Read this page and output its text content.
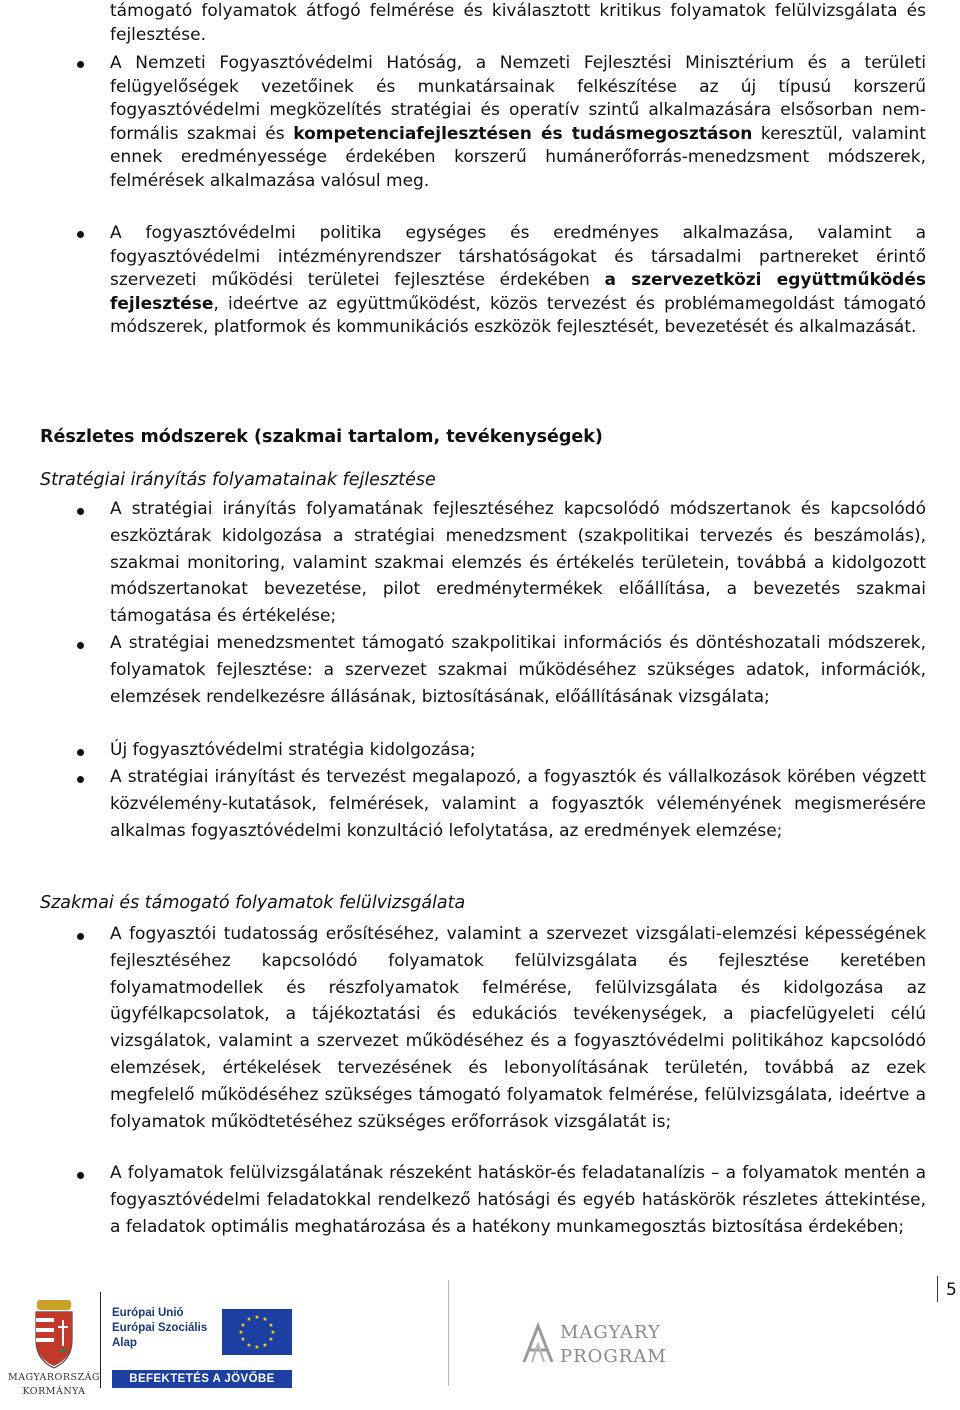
támogató folyamatok átfogó felmérése és kiválasztott kritikus folyamatok felülvizsgálata és fejlesztése.
A Nemzeti Fogyasztóvédelmi Hatóság, a Nemzeti Fejlesztési Minisztérium és a területi felügyelőségek vezetőinek és munkatársainak felkészítése az új típusú korszerű fogyasztóvédelmi megközelítés stratégiai és operatív szintű alkalmazására elsősorban nem-formális szakmai és kompetenciafejlesztésen és tudásmegosztáson keresztül, valamint ennek eredményessége érdekében korszerű humánerőforrás-menedzsment módszerek, felmérések alkalmazása valósul meg.
A fogyasztóvédelmi politika egységes és eredményes alkalmazása, valamint a fogyasztóvédelmi intézményrendszer társhatóságokat és társadalmi partnereket érintő szervezeti működési területei fejlesztése érdekében a szervezetközi együttműködés fejlesztése, ideértve az együttműködést, közös tervezést és problémamegoldást támogató módszerek, platformok és kommunikációs eszközök fejlesztését, bevezetését és alkalmazását.
Részletes módszerek (szakmai tartalom, tevékenységek)
Stratégiai irányítás folyamatainak fejlesztése
A stratégiai irányítás folyamatának fejlesztéséhez kapcsolódó módszertanok és kapcsolódó eszköztárak kidolgozása a stratégiai menedzsment (szakpolitikai tervezés és beszámolás), szakmai monitoring, valamint szakmai elemzés és értékelés területein, továbbá a kidolgozott módszertanokat bevezetése, pilot eredménytermékek előállítása, a bevezetés szakmai támogatása és értékelése;
A stratégiai menedzsmentet támogató szakpolitikai információs és döntéshozatali módszerek, folyamatok fejlesztése: a szervezet szakmai működéséhez szükséges adatok, információk, elemzések rendelkezésre állásának, biztosításának, előállításának vizsgálata;
Új fogyasztóvédelmi stratégia kidolgozása;
A stratégiai irányítást és tervezést megalapozó, a fogyasztók és vállalkozások körében végzett közvélemény-kutatások, felmérések, valamint a fogyasztók véleményének megismerésére alkalmas fogyasztóvédelmi konzultáció lefolytatása, az eredmények elemzése;
Szakmai és támogató folyamatok felülvizsgálata
A fogyasztói tudatosság erősítéséhez, valamint a szervezet vizsgálati-elemzési képességének fejlesztéséhez kapcsolódó folyamatok felülvizsgálata és fejlesztése keretében folyamatmodellek és részfolyamatok felmérése, felülvizsgálata és kidolgozása az ügyfélkapcsolatok, a tájékoztatási és edukációs tevékenységek, a piacfelügyeleti célú vizsgálatok, valamint a szervezet működéséhez és a fogyasztóvédelmi politikához kapcsolódó elemzések, értékelések tervezésének és lebonyolításának területén, továbbá az ezek megfelelő működéséhez szükséges támogató folyamatok felmérése, felülvizsgálata, ideértve a folyamatok működtetéséhez szükséges erőforrások vizsgálatát is;
A folyamatok felülvizsgálatának részeként hatáskör-és feladatanalízis – a folyamatok mentén a fogyasztóvédelmi feladatokkal rendelkező hatósági és egyéb hatáskörök részletes áttekintése, a feladatok optimális meghatározása és a hatékony munkamegosztás biztosítása érdekében;
5
MAGYARORSZÁG
KORMÁNYA
Európai Unió
Európai Szociális
Alap
★ ★
★
★
★
★
★
★
★
★
★
★
BEFEKTETÉS A JÖVŐBE
MAGYARY
PROGRAM
